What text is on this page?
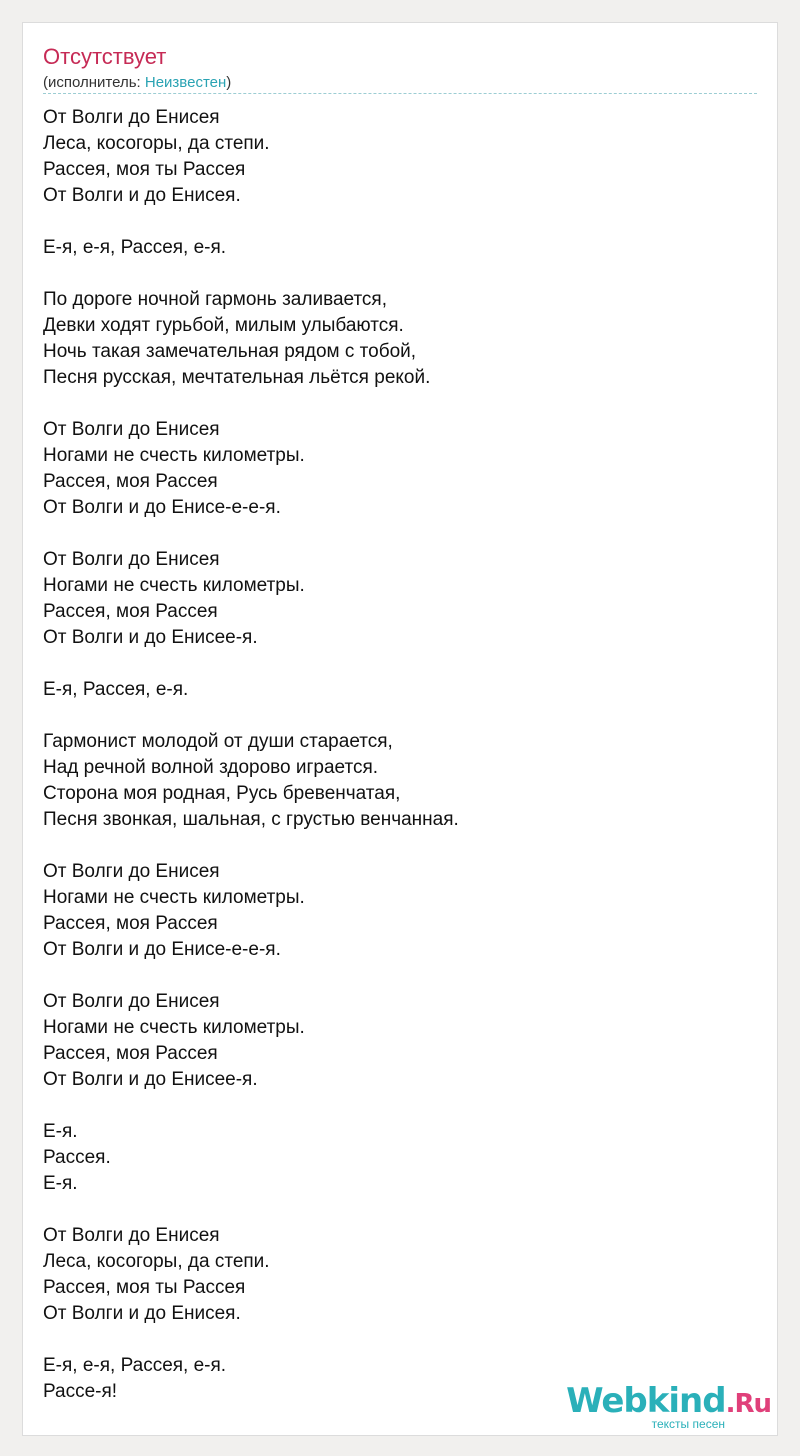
Отсутствует
(исполнитель: Неизвестен)
От Волги до Енисея
Леса, косогоры, да степи.
Рассея, моя ты Рассея
От Волги и до Енисея.
Е-я, е-я, Рассея, е-я.
По дороге ночной гармонь заливается,
Девки ходят гурьбой, милым улыбаются.
Ночь такая замечательная рядом с тобой,
Песня русская, мечтательная льётся рекой.
От Волги до Енисея
Ногами не счесть километры.
Рассея, моя Рассея
От Волги и до Енисе-е-е-я.
От Волги до Енисея
Ногами не счесть километры.
Рассея, моя Рассея
От Волги и до Енисее-я.
Е-я, Рассея, е-я.
Гармонист молодой от души старается,
Над речной волной здорово играется.
Сторона моя родная, Русь бревенчатая,
Песня звонкая, шальная, с грустью венчанная.
От Волги до Енисея
Ногами не счесть километры.
Рассея, моя Рассея
От Волги и до Енисе-е-е-я.
От Волги до Енисея
Ногами не счесть километры.
Рассея, моя Рассея
От Волги и до Енисее-я.
Е-я.
Рассея.
Е-я.
От Волги до Енисея
Леса, косогоры, да степи.
Рассея, моя ты Рассея
От Волги и до Енисея.
Е-я, е-я, Рассея, е-я.
Рассе-я!	Webkind.Ru
тексты песен
